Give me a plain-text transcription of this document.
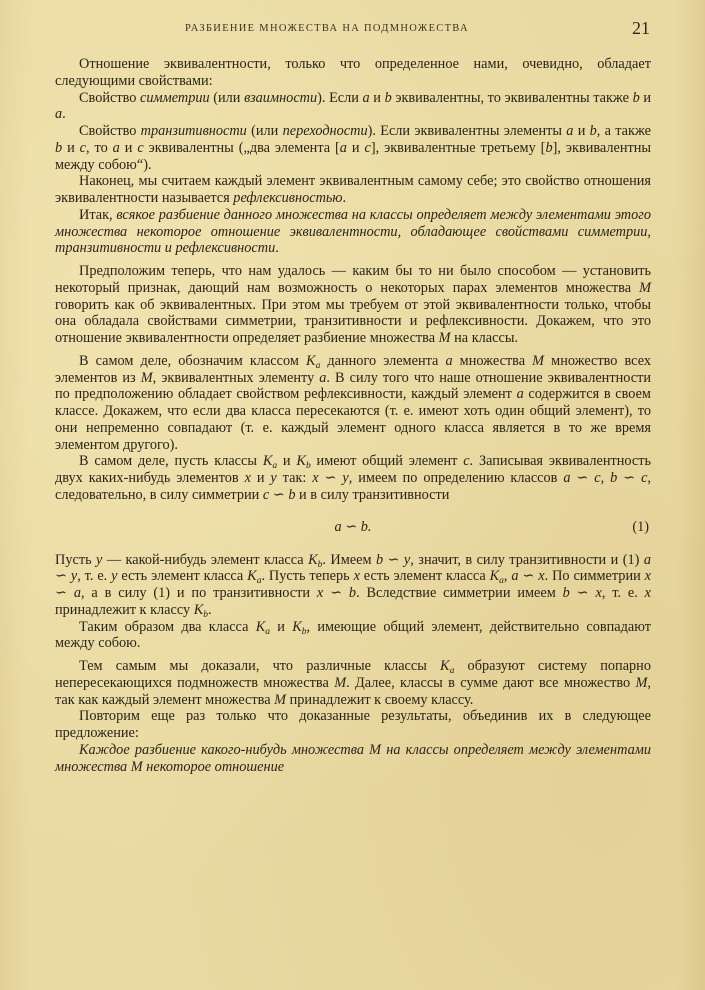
РАЗБИЕНИЕ МНОЖЕСТВА НА ПОДМНОЖЕСТВА	21

Отношение эквивалентности, только что определенное нами, очевидно, обладает следующими свойствами:

Свойство симметрии (или взаимности). Если a и b эквивалентны, то эквивалентны также b и a.

Свойство транзитивности (или переходности). Если эквивалентны элементы a и b, а также b и c, то a и c эквивалентны („два элемента [a и c], эквивалентные третьему [b], эквивалентны между собою“).

Наконец, мы считаем каждый элемент эквивалентным самому себе; это свойство отношения эквивалентности называется рефлексивностью.

Итак, всякое разбиение данного множества на классы определяет между элементами этого множества некоторое отношение эквивалентности, обладающее свойствами симметрии, транзитивности и рефлексивности.

Предположим теперь, что нам удалось — каким бы то ни было способом — установить некоторый признак, дающий нам возможность о некоторых парах элементов множества M говорить как об эквивалентных. При этом мы требуем от этой эквивалентности только, чтобы она обладала свойствами симметрии, транзитивности и рефлексивности. Докажем, что это отношение эквивалентности определяет разбиение множества M на классы.

В самом деле, обозначим классом $K_a$ данного элемента a множества M множество всех элементов из M, эквивалентных элементу a. В силу того что наше отношение эквивалентности по предположению обладает свойством рефлексивности, каждый элемент a содержится в своем классе. Докажем, что если два класса пересекаются (т. е. имеют хоть один общий элемент), то они непременно совпадают (т. е. каждый элемент одного класса является в то же время элементом другого).

В самом деле, пусть классы $K_a$ и $K_b$ имеют общий элемент c. Записывая эквивалентность двух каких-нибудь элементов x и y так: x ∽ y, имеем по определению классов a ∽ c, b ∽ c, следовательно, в силу симметрии c ∽ b и в силу транзитивности

a ∽ b.	(1)

Пусть y — какой-нибудь элемент класса $K_b$. Имеем b ∽ y, значит, в силу транзитивности и (1) a ∽ y, т. е. y есть элемент класса $K_a$. Пусть теперь x есть элемент класса $K_a$, a ∽ x. По симметрии x ∽ a, а в силу (1) и по транзитивности x ∽ b. Вследствие симметрии имеем b ∽ x, т. е. x принадлежит к классу $K_b$.

Таким образом два класса $K_a$ и $K_b$, имеющие общий элемент, действительно совпадают между собою.

Тем самым мы доказали, что различные классы $K_a$ образуют систему попарно непересекающихся подмножеств множества M. Далее, классы в сумме дают все множество M, так как каждый элемент множества M принадлежит к своему классу.

Повторим еще раз только что доказанные результаты, объединив их в следующее предложение:

Каждое разбиение какого-нибудь множества M на классы определяет между элементами множества M некоторое отношение
